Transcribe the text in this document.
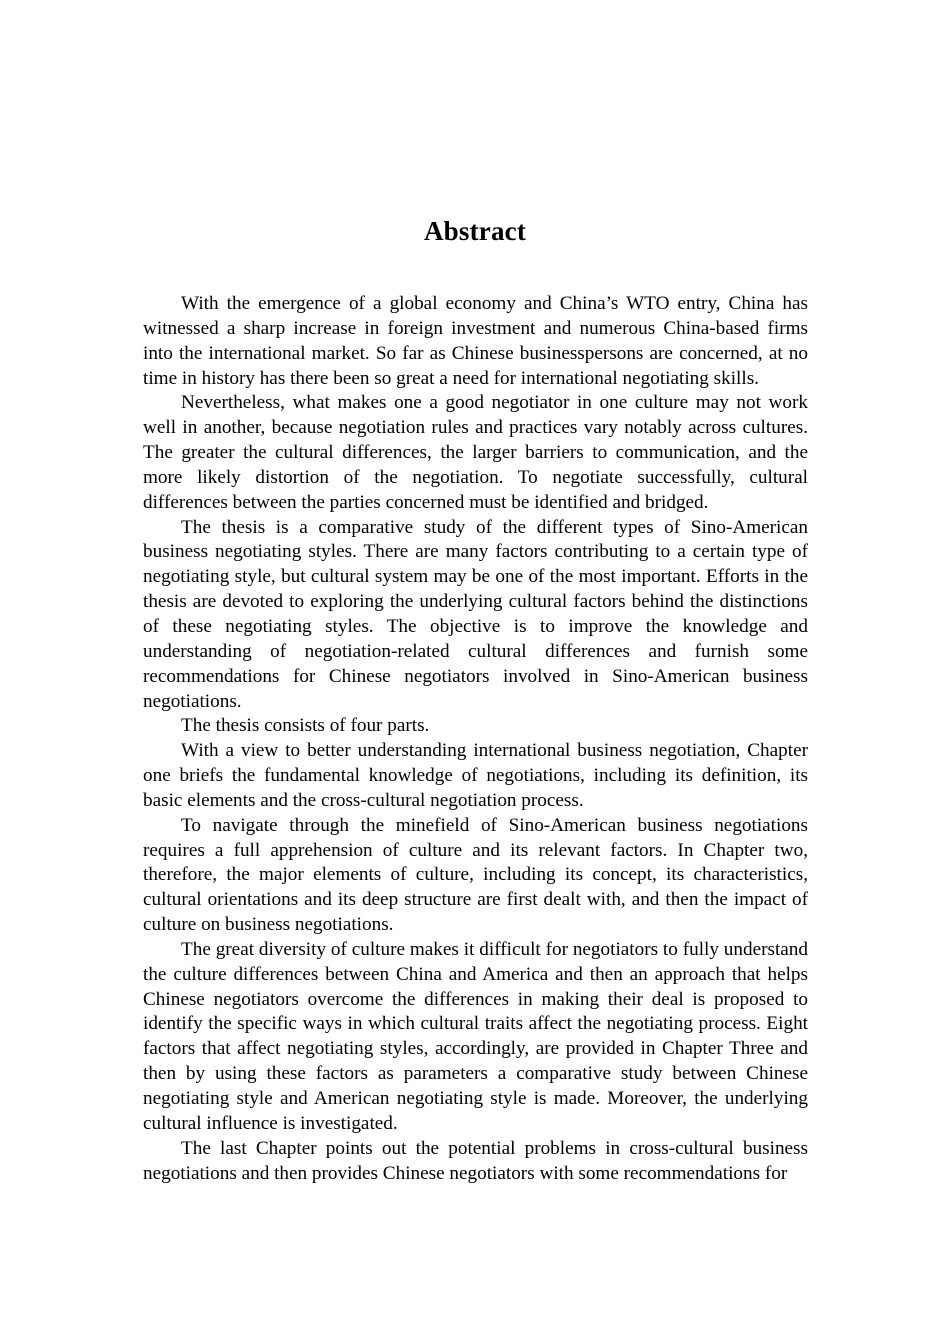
Abstract

With the emergence of a global economy and China’s WTO entry, China has witnessed a sharp increase in foreign investment and numerous China-based firms into the international market. So far as Chinese businesspersons are concerned, at no time in history has there been so great a need for international negotiating skills.

Nevertheless, what makes one a good negotiator in one culture may not work well in another, because negotiation rules and practices vary notably across cultures. The greater the cultural differences, the larger barriers to communication, and the more likely distortion of the negotiation. To negotiate successfully, cultural differences between the parties concerned must be identified and bridged.

The thesis is a comparative study of the different types of Sino-American business negotiating styles. There are many factors contributing to a certain type of negotiating style, but cultural system may be one of the most important. Efforts in the thesis are devoted to exploring the underlying cultural factors behind the distinctions of these negotiating styles. The objective is to improve the knowledge and understanding of negotiation-related cultural differences and furnish some recommendations for Chinese negotiators involved in Sino-American business negotiations.

The thesis consists of four parts.

With a view to better understanding international business negotiation, Chapter one briefs the fundamental knowledge of negotiations, including its definition, its basic elements and the cross-cultural negotiation process.

To navigate through the minefield of Sino-American business negotiations requires a full apprehension of culture and its relevant factors. In Chapter two, therefore, the major elements of culture, including its concept, its characteristics, cultural orientations and its deep structure are first dealt with, and then the impact of culture on business negotiations.

The great diversity of culture makes it difficult for negotiators to fully understand the culture differences between China and America and then an approach that helps Chinese negotiators overcome the differences in making their deal is proposed to identify the specific ways in which cultural traits affect the negotiating process. Eight factors that affect negotiating styles, accordingly, are provided in Chapter Three and then by using these factors as parameters a comparative study between Chinese negotiating style and American negotiating style is made. Moreover, the underlying cultural influence is investigated.

The last Chapter points out the potential problems in cross-cultural business negotiations and then provides Chinese negotiators with some recommendations for
